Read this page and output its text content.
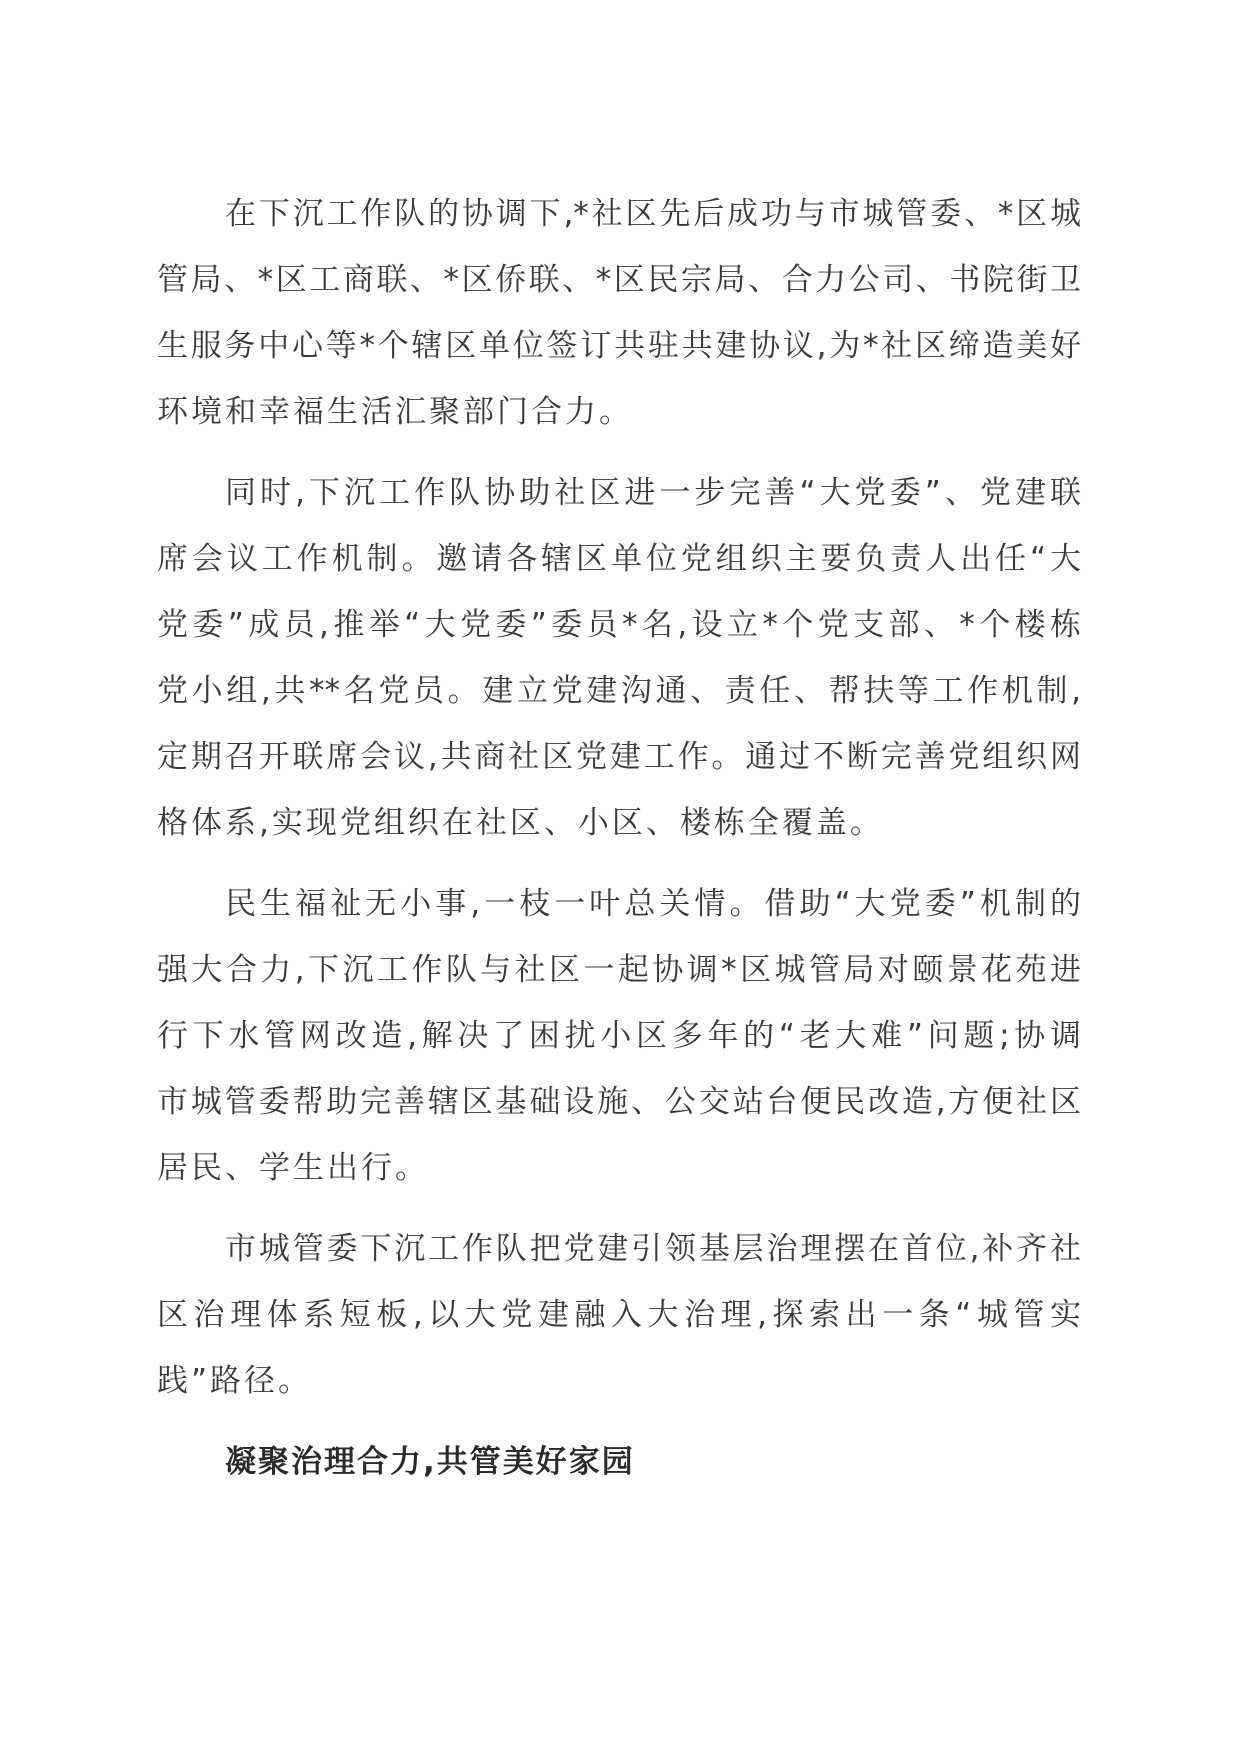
在下沉工作队的协调下,*社区先后成功与市城管委、*区城
管局、*区工商联、*区侨联、*区民宗局、合力公司、书院街卫
生服务中心等*个辖区单位签订共驻共建协议,为*社区缔造美好
环境和幸福生活汇聚部门合力。
同时,下沉工作队协助社区进一步完善“大党委”、党建联
席会议工作机制。邀请各辖区单位党组织主要负责人出任“大
党委”成员,推举“大党委”委员*名,设立*个党支部、*个楼栋
党小组,共**名党员。建立党建沟通、责任、帮扶等工作机制,
定期召开联席会议,共商社区党建工作。通过不断完善党组织网
格体系,实现党组织在社区、小区、楼栋全覆盖。
民生福祉无小事,一枝一叶总关情。借助“大党委”机制的
强大合力,下沉工作队与社区一起协调*区城管局对颐景花苑进
行下水管网改造,解决了困扰小区多年的“老大难”问题;协调
市城管委帮助完善辖区基础设施、公交站台便民改造,方便社区
居民、学生出行。
市城管委下沉工作队把党建引领基层治理摆在首位,补齐社
区治理体系短板,以大党建融入大治理,探索出一条“城管实
践”路径。
凝聚治理合力,共管美好家园
